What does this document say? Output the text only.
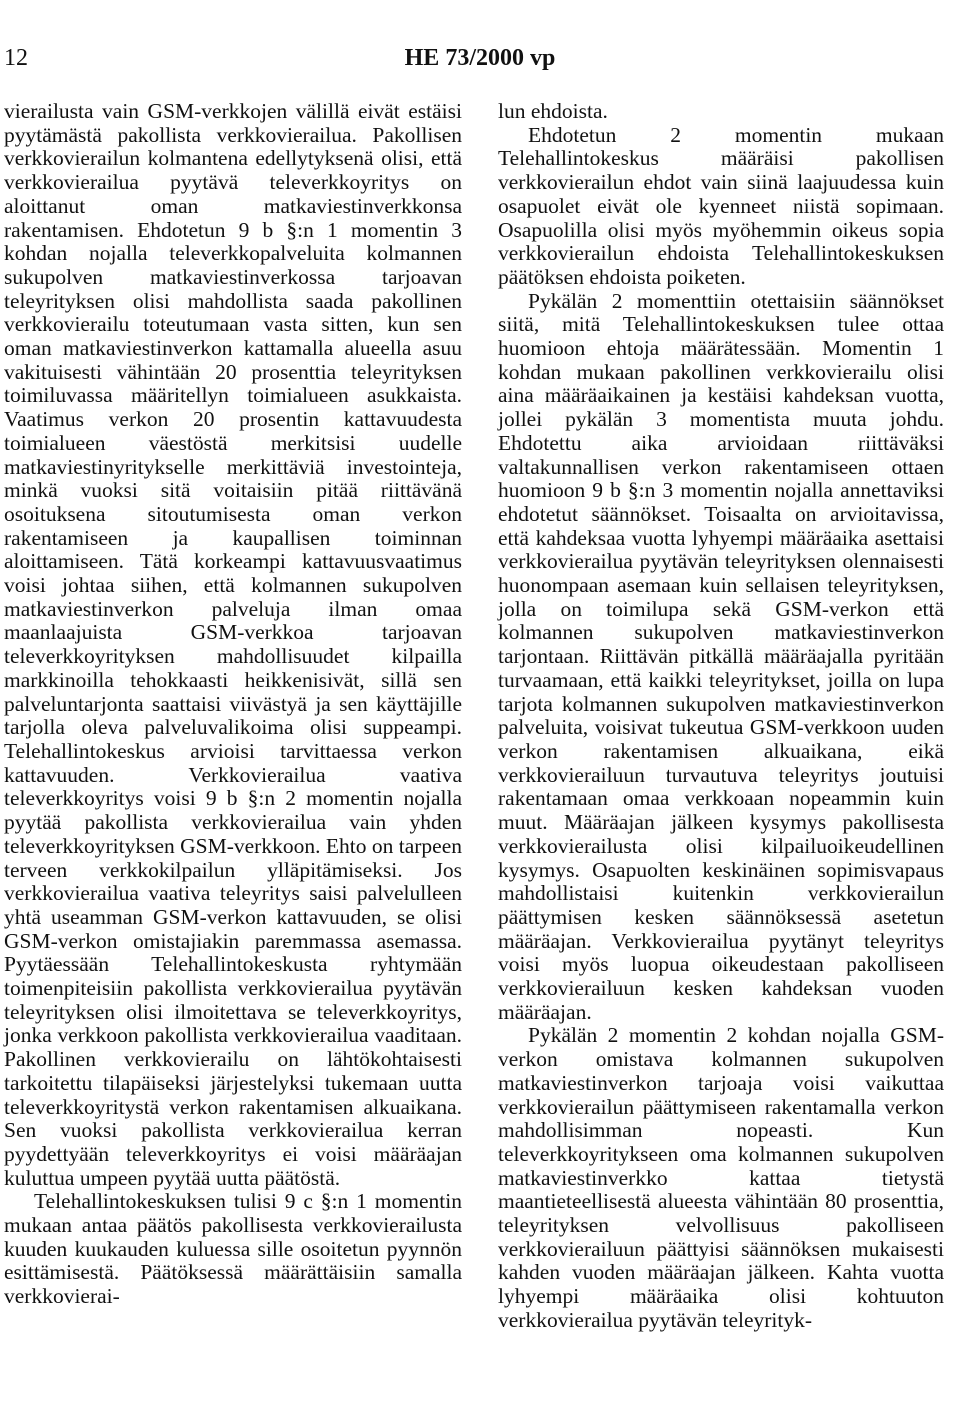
12	HE 73/2000 vp

vierailusta vain GSM-verkkojen välillä eivät estäisi pyytämästä pakollista verkkovierailua. Pakollisen verkkovierailun kolmantena edellytyksenä olisi, että verkkovierailua pyytävä televerkkoyritys on aloittanut oman matkaviestinverkkonsa rakentamisen. Ehdotetun 9 b §:n 1 momentin 3 kohdan nojalla televerkkopalveluita kolmannen sukupolven matkaviestinverkossa tarjoavan teleyrityksen olisi mahdollista saada pakollinen verkkovierailu toteutumaan vasta sitten, kun sen oman matkaviestinverkon kattamalla alueella asuu vakituisesti vähintään 20 prosenttia teleyrityksen toimiluvassa määritellyn toimialueen asukkaista. Vaatimus verkon 20 prosentin kattavuudesta toimialueen väestöstä merkitsisi uudelle matkaviestinyritykselle merkittäviä investointeja, minkä vuoksi sitä voitaisiin pitää riittävänä osoituksena sitoutumisesta oman verkon rakentamiseen ja kaupallisen toiminnan aloittamiseen. Tätä korkeampi kattavuusvaatimus voisi johtaa siihen, että kolmannen sukupolven matkaviestinverkon palveluja ilman omaa maanlaajuista GSM-verkkoa tarjoavan televerkkoyrityksen mahdollisuudet kilpailla markkinoilla tehokkaasti heikkenisivät, sillä sen palveluntarjonta saattaisi viivästyä ja sen käyttäjille tarjolla oleva palveluvalikoima olisi suppeampi. Telehallintokeskus arvioisi tarvittaessa verkon kattavuuden. Verkkovierailua vaativa televerkkoyritys voisi 9 b §:n 2 momentin nojalla pyytää pakollista verkkovierailua vain yhden televerkkoyrityksen GSM-verkkoon. Ehto on tarpeen terveen verkkokilpailun ylläpitämiseksi. Jos verkkovierailua vaativa teleyritys saisi palvelulleen yhtä useamman GSM-verkon kattavuuden, se olisi GSM-verkon omistajiakin paremmassa asemassa. Pyytäessään Telehallintokeskusta ryhtymään toimenpiteisiin pakollista verkkovierailua pyytävän teleyrityksen olisi ilmoitettava se televerkkoyritys, jonka verkkoon pakollista verkkovierailua vaaditaan. Pakollinen verkkovierailu on lähtökohtaisesti tarkoitettu tilapäiseksi järjestelyksi tukemaan uutta televerkkoyritystä verkon rakentamisen alkuaikana. Sen vuoksi pakollista verkkovierailua kerran pyydettyään televerkkoyritys ei voisi määräajan kuluttua umpeen pyytää uutta päätöstä.

Telehallintokeskuksen tulisi 9 c §:n 1 momentin mukaan antaa päätös pakollisesta verkkovierailusta kuuden kuukauden kuluessa sille osoitetun pyynnön esittämisestä. Päätöksessä määrättäisiin samalla verkkovierai-

lun ehdoista.

Ehdotetun 2 momentin mukaan Telehallintokeskus määräisi pakollisen verkkovierailun ehdot vain siinä laajuudessa kuin osapuolet eivät ole kyenneet niistä sopimaan. Osapuolilla olisi myös myöhemmin oikeus sopia verkkovierailun ehdoista Telehallintokeskuksen päätöksen ehdoista poiketen.

Pykälän 2 momenttiin otettaisiin säännökset siitä, mitä Telehallintokeskuksen tulee ottaa huomioon ehtoja määrätessään. Momentin 1 kohdan mukaan pakollinen verkkovierailu olisi aina määräaikainen ja kestäisi kahdeksan vuotta, jollei pykälän 3 momentista muuta johdu. Ehdotettu aika arvioidaan riittäväksi valtakunnallisen verkon rakentamiseen ottaen huomioon 9 b §:n 3 momentin nojalla annettaviksi ehdotetut säännökset. Toisaalta on arvioitavissa, että kahdeksaa vuotta lyhyempi määräaika asettaisi verkkovierailua pyytävän teleyrityksen olennaisesti huonompaan asemaan kuin sellaisen teleyrityksen, jolla on toimilupa sekä GSM-verkon että kolmannen sukupolven matkaviestinverkon tarjontaan. Riittävän pitkällä määräajalla pyritään turvaamaan, että kaikki teleyritykset, joilla on lupa tarjota kolmannen sukupolven matkaviestinverkon palveluita, voisivat tukeutua GSM-verkkoon uuden verkon rakentamisen alkuaikana, eikä verkkovierailuun turvautuva teleyritys joutuisi rakentamaan omaa verkkoaan nopeammin kuin muut. Määräajan jälkeen kysymys pakollisesta verkkovierailusta olisi kilpailuoikeudellinen kysymys. Osapuolten keskinäinen sopimisvapaus mahdollistaisi kuitenkin verkkovierailun päättymisen kesken säännöksessä asetetun määräajan. Verkkovierailua pyytänyt teleyritys voisi myös luopua oikeudestaan pakolliseen verkkovierailuun kesken kahdeksan vuoden määräajan.

Pykälän 2 momentin 2 kohdan nojalla GSM-verkon omistava kolmannen sukupolven matkaviestinverkon tarjoaja voisi vaikuttaa verkkovierailun päättymiseen rakentamalla verkon mahdollisimman nopeasti. Kun televerkkoyritykseen oma kolmannen sukupolven matkaviestinverkko kattaa tietystä maantieteellisestä alueesta vähintään 80 prosenttia, teleyrityksen velvollisuus pakolliseen verkkovierailuun päättyisi säännöksen mukaisesti kahden vuoden määräajan jälkeen. Kahta vuotta lyhyempi määräaika olisi kohtuuton verkkovierailua pyytävän teleyrityk-
